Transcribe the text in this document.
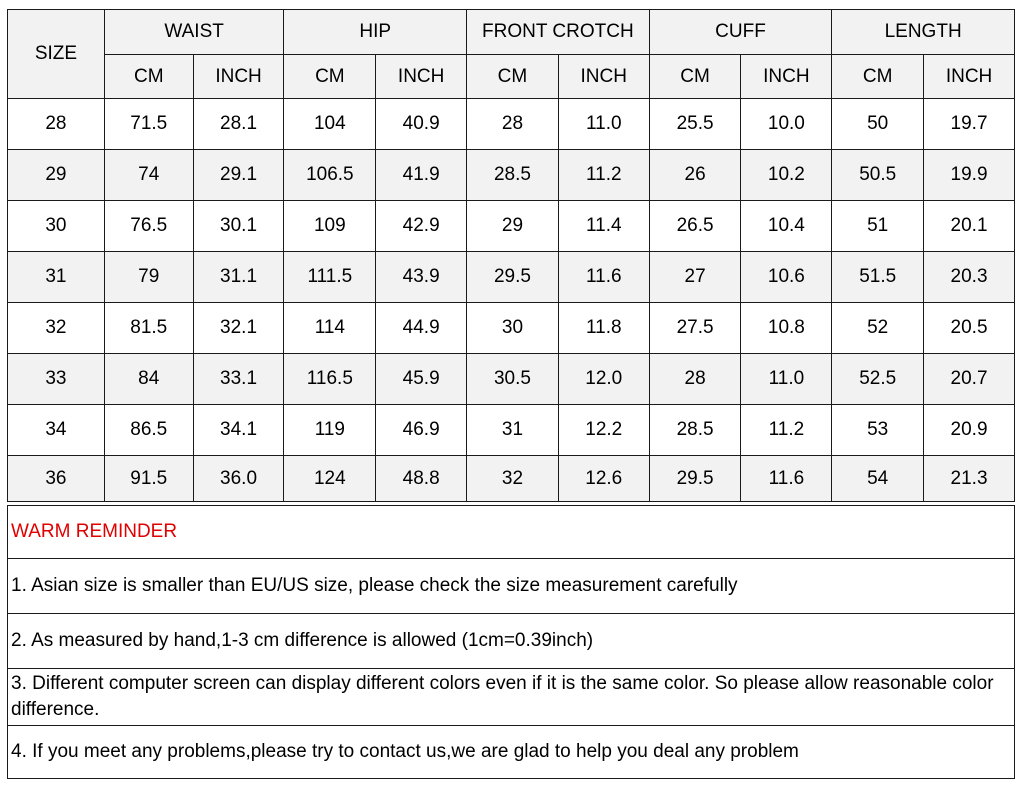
SIZE	WAIST		HIP		FRONT CROTCH		CUFF		LENGTH	
	CM	INCH	CM	INCH	CM	INCH	CM	INCH	CM	INCH
28	71.5	28.1	104	40.9	28	11.0	25.5	10.0	50	19.7
29	74	29.1	106.5	41.9	28.5	11.2	26	10.2	50.5	19.9
30	76.5	30.1	109	42.9	29	11.4	26.5	10.4	51	20.1
31	79	31.1	111.5	43.9	29.5	11.6	27	10.6	51.5	20.3
32	81.5	32.1	114	44.9	30	11.8	27.5	10.8	52	20.5
33	84	33.1	116.5	45.9	30.5	12.0	28	11.0	52.5	20.7
34	86.5	34.1	119	46.9	31	12.2	28.5	11.2	53	20.9
36	91.5	36.0	124	48.8	32	12.6	29.5	11.6	54	21.3
WARM REMINDER
1. Asian size is smaller than EU/US size, please check the size measurement carefully
2. As measured by hand,1-3 cm difference is allowed (1cm=0.39inch)
3. Different computer screen can display different colors even if it is the same color. So please allow reasonable color difference.
4. If you meet any problems,please try to contact us,we are glad to help you deal any problem
